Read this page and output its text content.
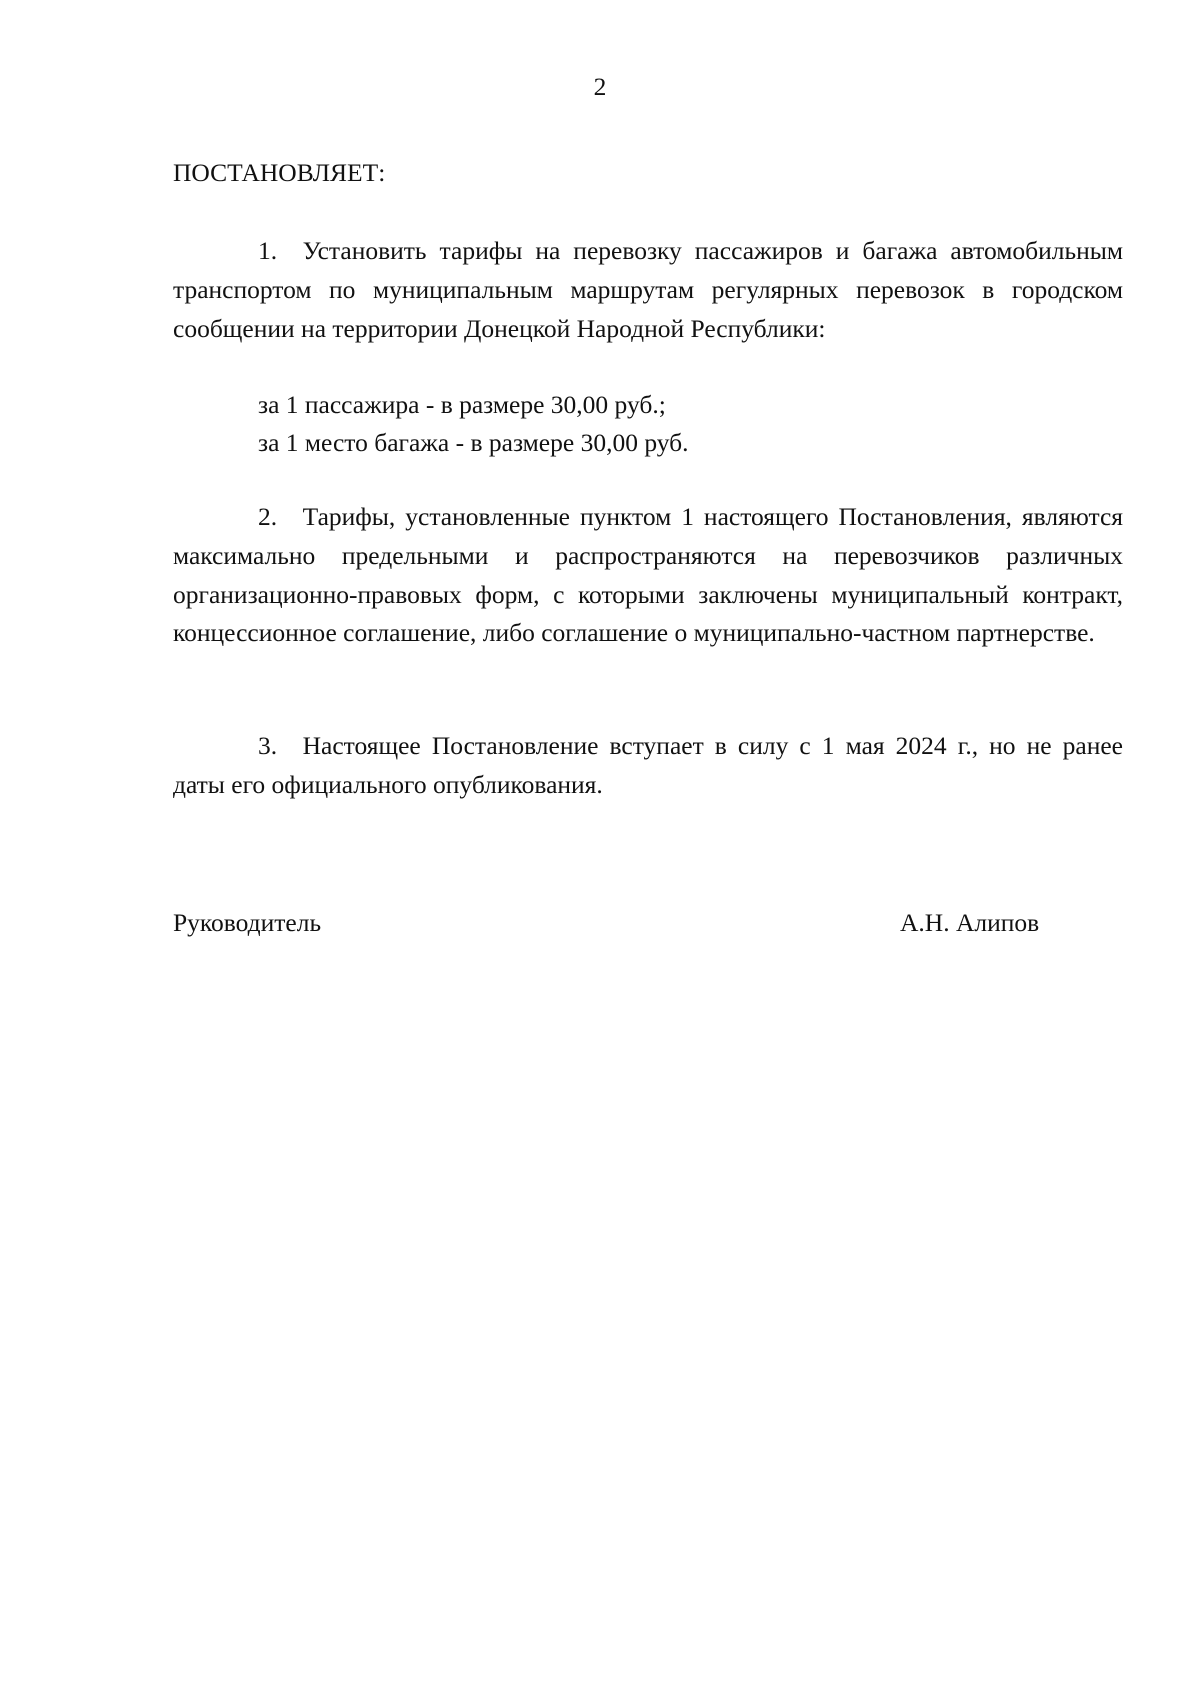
2
ПОСТАНОВЛЯЕТ:

1. Установить тарифы на перевозку пассажиров и багажа автомобильным транспортом по муниципальным маршрутам регулярных перевозок в городском сообщении на территории Донецкой Народной Республики:

за 1 пассажира - в размере 30,00 руб.;
за 1 место багажа - в размере 30,00 руб.

2. Тарифы, установленные пунктом 1 настоящего Постановления, являются максимально предельными и распространяются на перевозчиков различных организационно-правовых форм, с которыми заключены муниципальный контракт, концессионное соглашение, либо соглашение о муниципально-частном партнерстве.

3. Настоящее Постановление вступает в силу с 1 мая 2024 г., но не ранее даты его официального опубликования.

Руководитель	А.Н. Алипов
